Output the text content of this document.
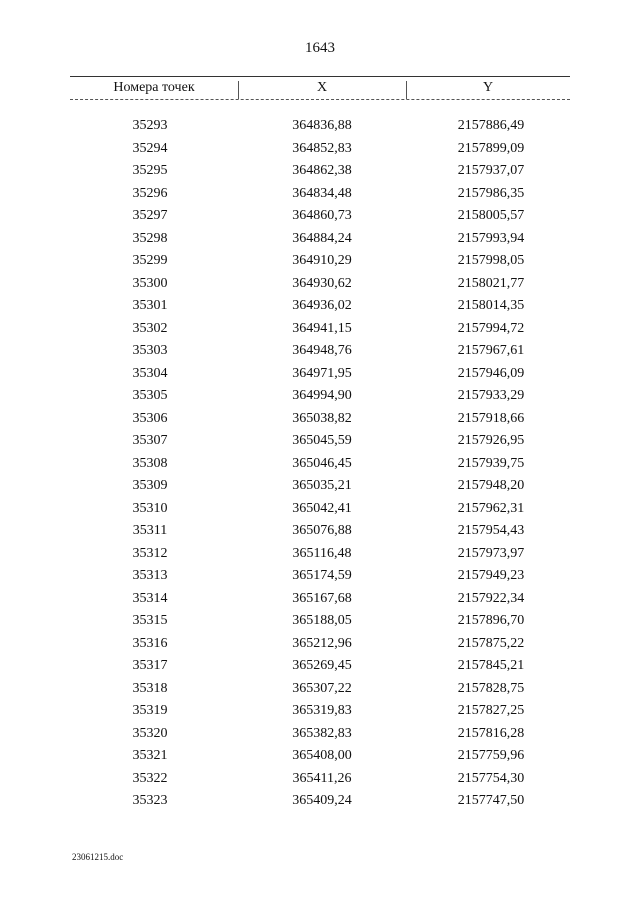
1643
Номера точек	X	Y
35293	364836,88	2157886,49
35294	364852,83	2157899,09
35295	364862,38	2157937,07
35296	364834,48	2157986,35
35297	364860,73	2158005,57
35298	364884,24	2157993,94
35299	364910,29	2157998,05
35300	364930,62	2158021,77
35301	364936,02	2158014,35
35302	364941,15	2157994,72
35303	364948,76	2157967,61
35304	364971,95	2157946,09
35305	364994,90	2157933,29
35306	365038,82	2157918,66
35307	365045,59	2157926,95
35308	365046,45	2157939,75
35309	365035,21	2157948,20
35310	365042,41	2157962,31
35311	365076,88	2157954,43
35312	365116,48	2157973,97
35313	365174,59	2157949,23
35314	365167,68	2157922,34
35315	365188,05	2157896,70
35316	365212,96	2157875,22
35317	365269,45	2157845,21
35318	365307,22	2157828,75
35319	365319,83	2157827,25
35320	365382,83	2157816,28
35321	365408,00	2157759,96
35322	365411,26	2157754,30
35323	365409,24	2157747,50
23061215.doc
